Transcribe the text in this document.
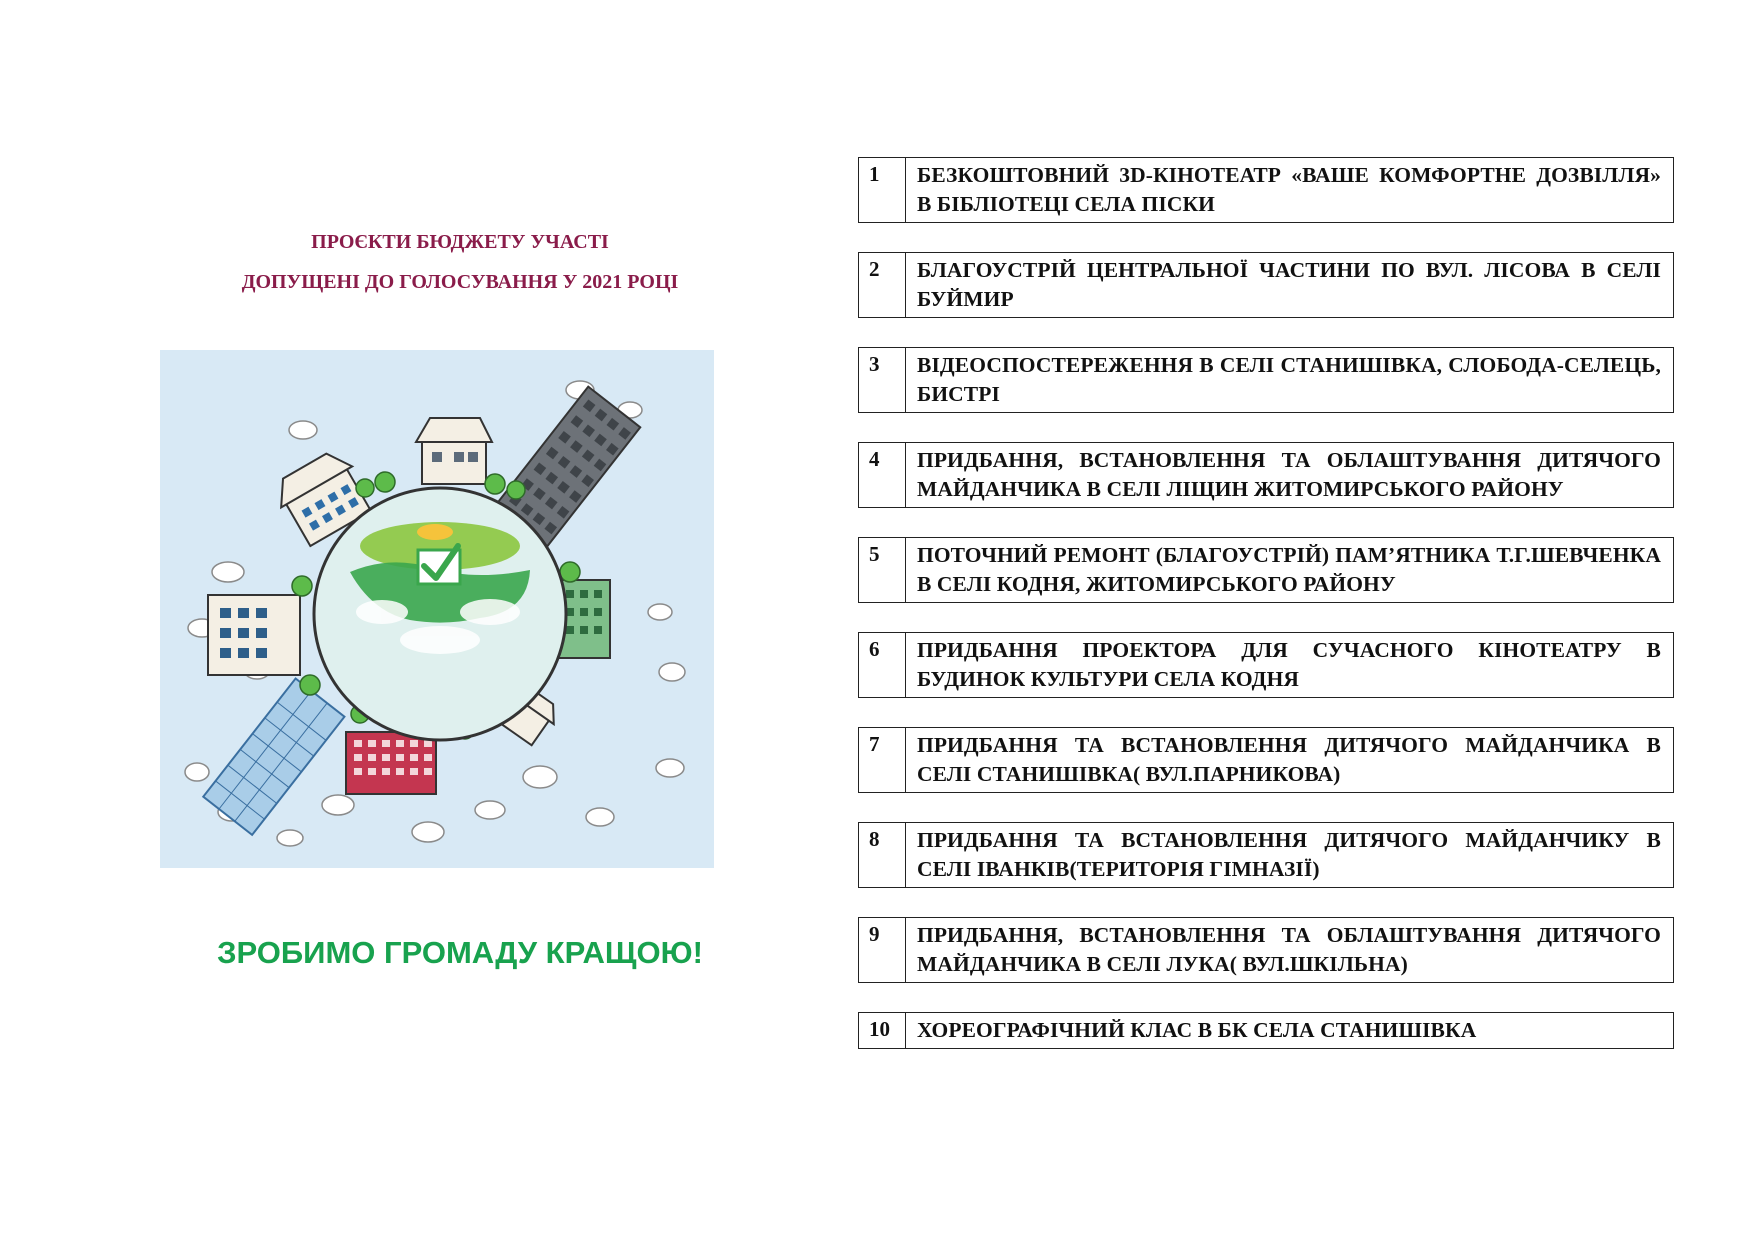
ПРОЄКТИ БЮДЖЕТУ УЧАСТІ
ДОПУЩЕНІ ДО ГОЛОСУВАННЯ У 2021 РОЦІ
ЗРОБИМО ГРОМАДУ КРАЩОЮ!
1	БЕЗКОШТОВНИЙ 3D-КІНОТЕАТР «ВАШЕ КОМФОРТНЕ ДОЗВІЛЛЯ» В БІБЛІОТЕЦІ СЕЛА ПІСКИ
2	БЛАГОУСТРІЙ ЦЕНТРАЛЬНОЇ ЧАСТИНИ ПО ВУЛ. ЛІСОВА В СЕЛІ БУЙМИР
3	ВІДЕОСПОСТЕРЕЖЕННЯ В СЕЛІ СТАНИШІВКА, СЛОБОДА-СЕЛЕЦЬ, БИСТРІ
4	ПРИДБАННЯ, ВСТАНОВЛЕННЯ ТА ОБЛАШТУВАННЯ ДИТЯЧОГО МАЙДАНЧИКА В СЕЛІ ЛІЩИН ЖИТОМИРСЬКОГО РАЙОНУ
5	ПОТОЧНИЙ РЕМОНТ (БЛАГОУСТРІЙ) ПАМ’ЯТНИКА Т.Г.ШЕВЧЕНКА В СЕЛІ КОДНЯ, ЖИТОМИРСЬКОГО РАЙОНУ
6	ПРИДБАННЯ ПРОЕКТОРА ДЛЯ СУЧАСНОГО КІНОТЕАТРУ В БУДИНОК КУЛЬТУРИ СЕЛА КОДНЯ
7	ПРИДБАННЯ ТА ВСТАНОВЛЕННЯ ДИТЯЧОГО МАЙДАНЧИКА В СЕЛІ СТАНИШІВКА( ВУЛ.ПАРНИКОВА)
8	ПРИДБАННЯ ТА ВСТАНОВЛЕННЯ ДИТЯЧОГО МАЙДАНЧИКУ В СЕЛІ ІВАНКІВ(ТЕРИТОРІЯ ГІМНАЗІЇ)
9	ПРИДБАННЯ, ВСТАНОВЛЕННЯ ТА ОБЛАШТУВАННЯ ДИТЯЧОГО МАЙДАНЧИКА В СЕЛІ ЛУКА( ВУЛ.ШКІЛЬНА)
10	ХОРЕОГРАФІЧНИЙ КЛАС В БК СЕЛА СТАНИШІВКА
